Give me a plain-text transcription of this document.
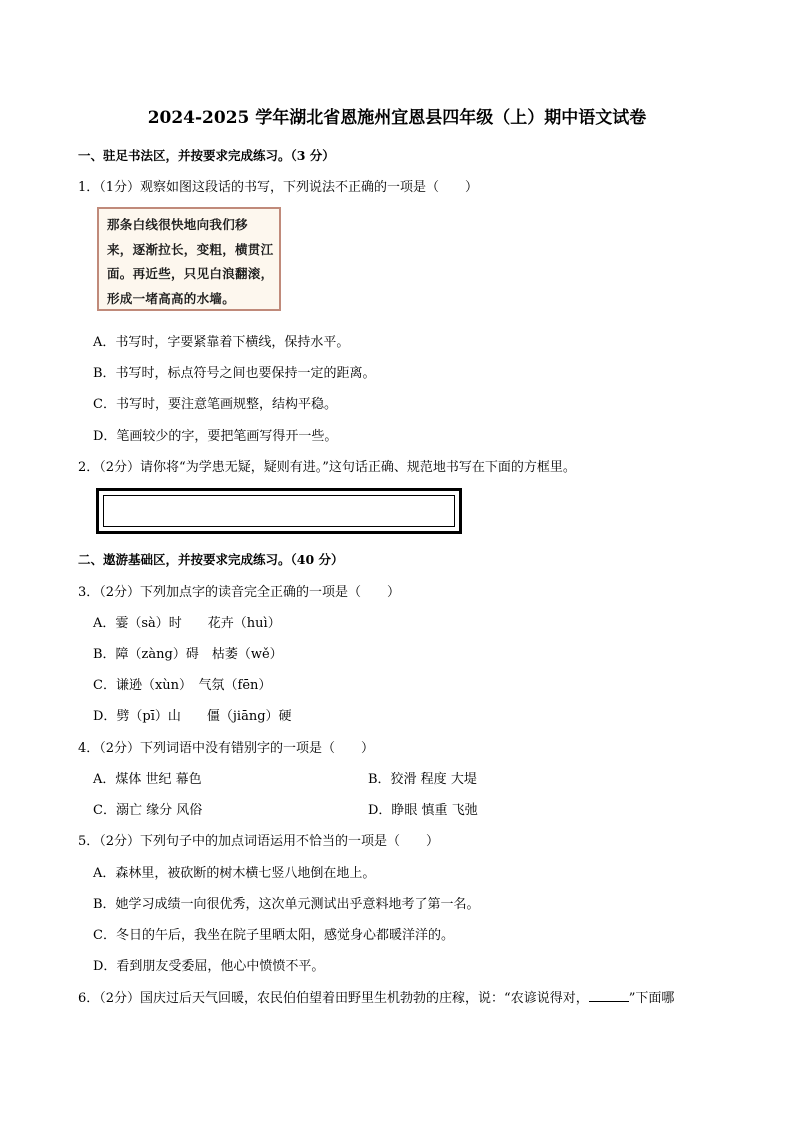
2024-2025 学年湖北省恩施州宜恩县四年级（上）期中语文试卷
一、驻足书法区，并按要求完成练习。（3 分）
1．（1分）观察如图这段话的书写，下列说法不正确的一项是（　　）
那条白线很快地向我们移
来，逐渐拉长，变粗，横贯江
面。再近些，只见白浪翻滚，
形成一堵高高的水墙。
A．书写时，字要紧靠着下横线，保持水平。
B．书写时，标点符号之间也要保持一定的距离。
C．书写时，要注意笔画规整，结构平稳。
D．笔画较少的字，要把笔画写得开一些。
2．（2分）请你将“为学患无疑，疑则有进。”这句话正确、规范地书写在下面的方框里。
二、遨游基础区，并按要求完成练习。（40 分）
3．（2分）下列加点字的读音完全正确的一项是（　　）
A．霎（sà）时　　花卉（huì）
B．障（zàng）碍　枯萎（wě）
C．谦逊（xùn）　气氛（fēn）
D．劈（pī）山　　僵（jiāng）硬
4．（2分）下列词语中没有错别字的一项是（　　）
A．煤体 世纪 幕色	B．狡滑 程度 大堤
C．溺亡 缘分 风俗	D．睁眼 慎重 飞弛
5．（2分）下列句子中的加点词语运用不恰当的一项是（　　）
A．森林里，被砍断的树木横七竖八地倒在地上。
B．她学习成绩一向很优秀，这次单元测试出乎意料地考了第一名。
C．冬日的午后，我坐在院子里晒太阳，感觉身心都暖洋洋的。
D．看到朋友受委屈，他心中愤愤不平。
6．（2分）国庆过后天气回暖，农民伯伯望着田野里生机勃勃的庄稼，说：“农谚说得对，	”下面哪
